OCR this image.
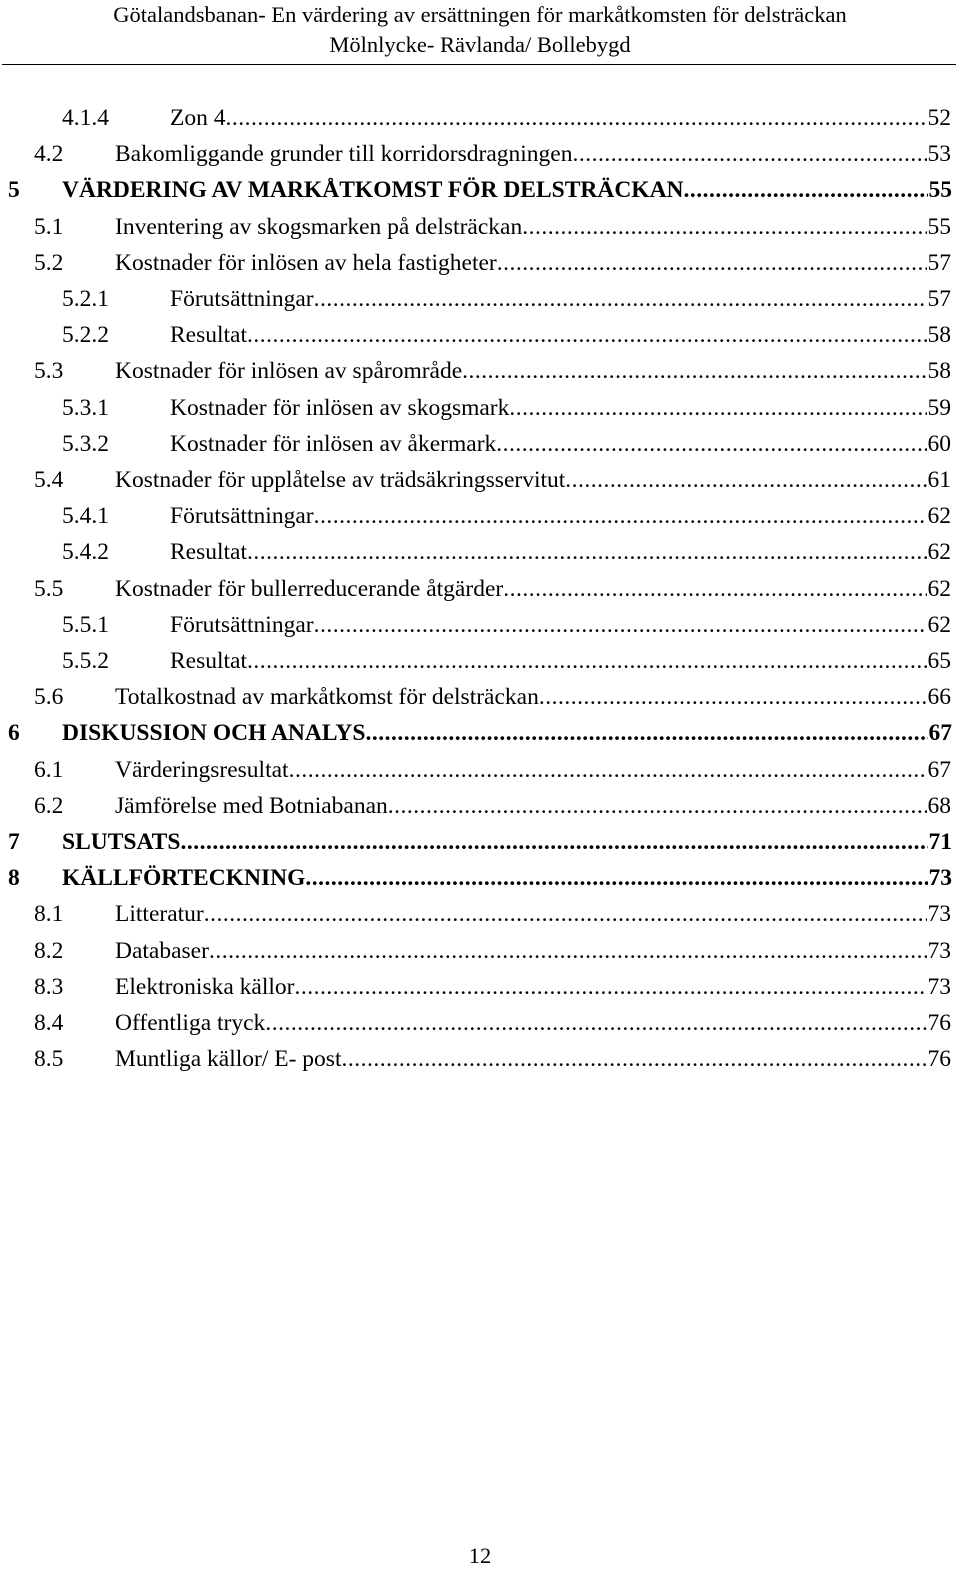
Götalandsbanan- En värdering av ersättningen för markåtkomsten för delsträckan
Mölnlycke- Rävlanda/ Bollebygd
4.1.4	Zon 4 .....	52
4.2 Bakomliggande grunder till korridorsdragningen .....	53
5 VÄRDERING AV MARKÅTKOMST FÖR DELSTRÄCKAN .....	55
5.1 Inventering av skogsmarken på delsträckan .....	55
5.2 Kostnader för inlösen av hela fastigheter .....	57
5.2.1	Förutsättningar .....	57
5.2.2	Resultat .....	58
5.3 Kostnader för inlösen av spårområde .....	58
5.3.1	Kostnader för inlösen av skogsmark .....	59
5.3.2	Kostnader för inlösen av åkermark .....	60
5.4 Kostnader för upplåtelse av trädsäkringsservitut .....	61
5.4.1	Förutsättningar .....	62
5.4.2	Resultat .....	62
5.5 Kostnader för bullerreducerande åtgärder .....	62
5.5.1	Förutsättningar .....	62
5.5.2	Resultat .....	65
5.6 Totalkostnad av markåtkomst för delsträckan .....	66
6 DISKUSSION OCH ANALYS .....	67
6.1 Värderingsresultat .....	67
6.2 Jämförelse med Botniabanan .....	68
7 SLUTSATS .....	71
8 KÄLLFÖRTECKNING .....	73
8.1 Litteratur .....	73
8.2 Databaser .....	73
8.3 Elektroniska källor .....	73
8.4 Offentliga tryck .....	76
8.5 Muntliga källor/ E- post .....	76
12
